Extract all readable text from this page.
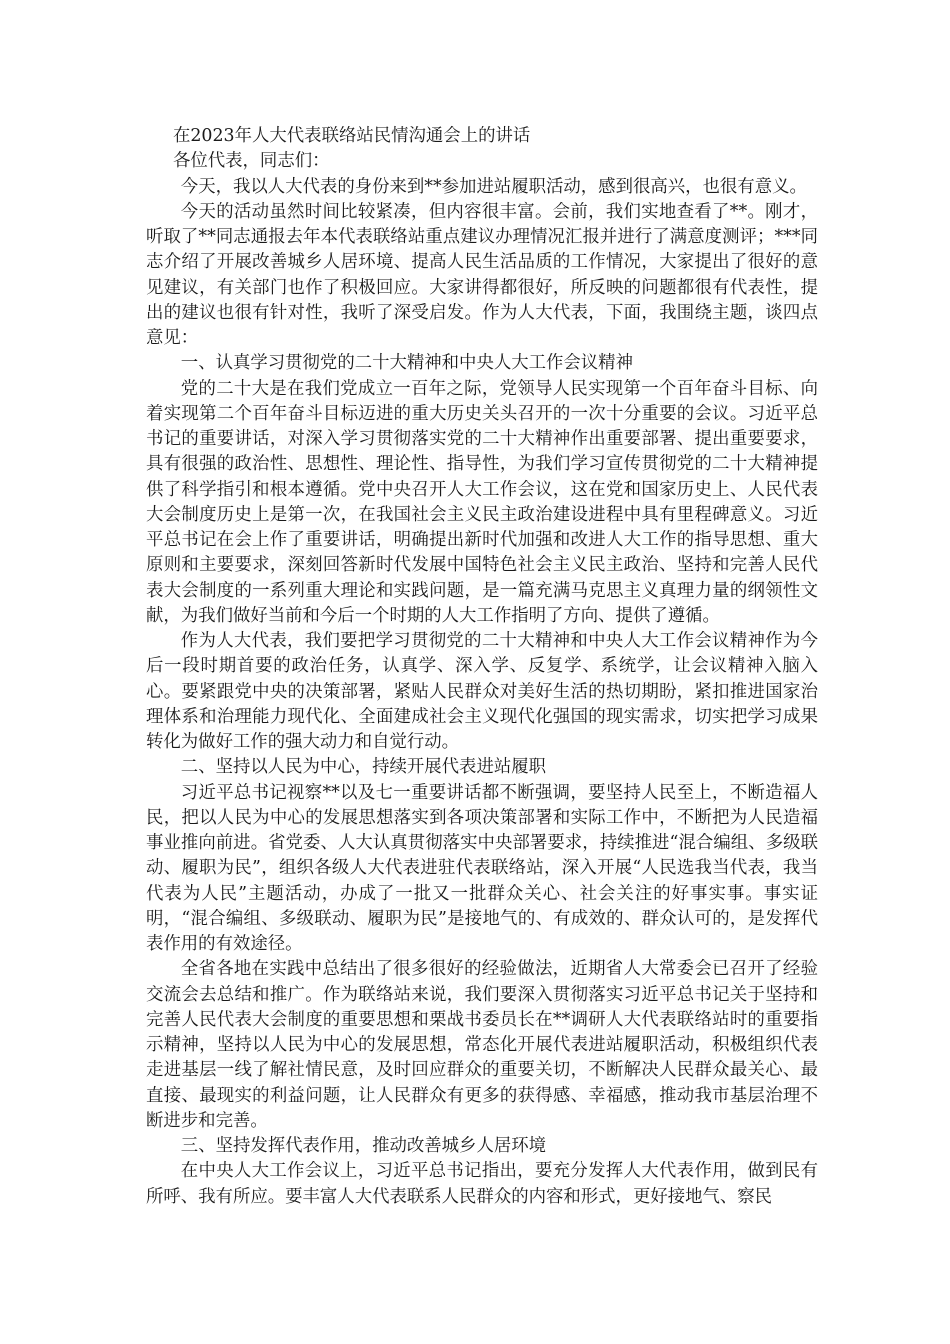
在2023年人大代表联络站民情沟通会上的讲话

各位代表，同志们：

今天，我以人大代表的身份来到**参加进站履职活动，感到很高兴，也很有意义。

今天的活动虽然时间比较紧凑，但内容很丰富。会前，我们实地查看了**。刚才，听取了**同志通报去年本代表联络站重点建议办理情况汇报并进行了满意度测评；***同志介绍了开展改善城乡人居环境、提高人民生活品质的工作情况，大家提出了很好的意见建议，有关部门也作了积极回应。大家讲得都很好，所反映的问题都很有代表性，提出的建议也很有针对性，我听了深受启发。作为人大代表，下面，我围绕主题，谈四点意见：

一、认真学习贯彻党的二十大精神和中央人大工作会议精神

党的二十大是在我们党成立一百年之际，党领导人民实现第一个百年奋斗目标、向着实现第二个百年奋斗目标迈进的重大历史关头召开的一次十分重要的会议。习近平总书记的重要讲话，对深入学习贯彻落实党的二十大精神作出重要部署、提出重要要求，具有很强的政治性、思想性、理论性、指导性，为我们学习宣传贯彻党的二十大精神提供了科学指引和根本遵循。党中央召开人大工作会议，这在党和国家历史上、人民代表大会制度历史上是第一次，在我国社会主义民主政治建设进程中具有里程碑意义。习近平总书记在会上作了重要讲话，明确提出新时代加强和改进人大工作的指导思想、重大原则和主要要求，深刻回答新时代发展中国特色社会主义民主政治、坚持和完善人民代表大会制度的一系列重大理论和实践问题，是一篇充满马克思主义真理力量的纲领性文献，为我们做好当前和今后一个时期的人大工作指明了方向、提供了遵循。

作为人大代表，我们要把学习贯彻党的二十大精神和中央人大工作会议精神作为今后一段时期首要的政治任务，认真学、深入学、反复学、系统学，让会议精神入脑入心。要紧跟党中央的决策部署，紧贴人民群众对美好生活的热切期盼，紧扣推进国家治理体系和治理能力现代化、全面建成社会主义现代化强国的现实需求，切实把学习成果转化为做好工作的强大动力和自觉行动。

二、坚持以人民为中心，持续开展代表进站履职

习近平总书记视察**以及七一重要讲话都不断强调，要坚持人民至上，不断造福人民，把以人民为中心的发展思想落实到各项决策部署和实际工作中，不断把为人民造福事业推向前进。省党委、人大认真贯彻落实中央部署要求，持续推进“混合编组、多级联动、履职为民”，组织各级人大代表进驻代表联络站，深入开展“人民选我当代表，我当代表为人民”主题活动，办成了一批又一批群众关心、社会关注的好事实事。事实证明，“混合编组、多级联动、履职为民”是接地气的、有成效的、群众认可的，是发挥代表作用的有效途径。

全省各地在实践中总结出了很多很好的经验做法，近期省人大常委会已召开了经验交流会去总结和推广。作为联络站来说，我们要深入贯彻落实习近平总书记关于坚持和完善人民代表大会制度的重要思想和栗战书委员长在**调研人大代表联络站时的重要指示精神，坚持以人民为中心的发展思想，常态化开展代表进站履职活动，积极组织代表走进基层一线了解社情民意，及时回应群众的重要关切，不断解决人民群众最关心、最直接、最现实的利益问题，让人民群众有更多的获得感、幸福感，推动我市基层治理不断进步和完善。

三、坚持发挥代表作用，推动改善城乡人居环境

在中央人大工作会议上，习近平总书记指出，要充分发挥人大代表作用，做到民有所呼、我有所应。要丰富人大代表联系人民群众的内容和形式，更好接地气、察民
